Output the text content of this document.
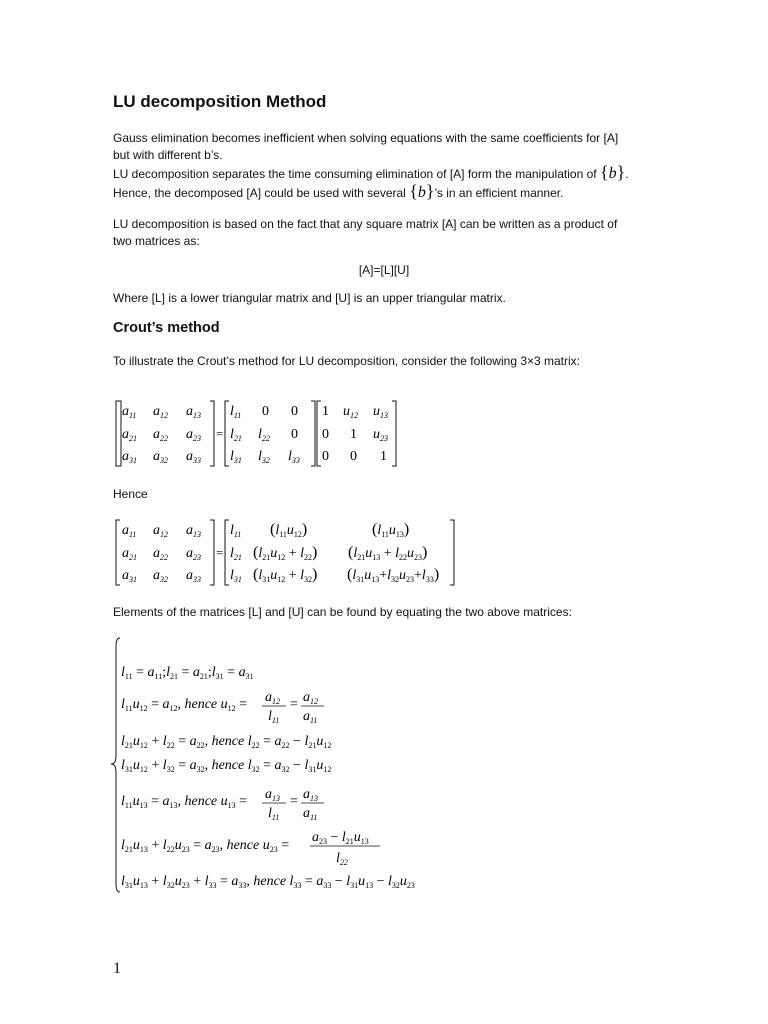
LU decomposition Method
Gauss elimination becomes inefficient when solving equations with the same coefficients for [A]
but with different b’s.
LU decomposition separates the time consuming elimination of [A] form the manipulation of {b}.
Hence, the decomposed [A] could be used with several {b}’s in an efficient manner.
LU decomposition is based on the fact that any square matrix [A] can be written as a product of
two matrices as:
[A]=[L][U]
Where [L] is a lower triangular matrix and [U] is an upper triangular matrix.
Crout’s method
To illustrate the Crout’s method for LU decomposition, consider the following 3×3 matrix:
$a_{11}$ $a_{12}$ $a_{13}$
$a_{21}$ $a_{22}$ $a_{23}$
$a_{31}$ $a_{32}$ $a_{33}$
=
$l_{11}$ 0 0
$l_{21}$ $l_{22}$ 0
$l_{31}$ $l_{32}$ $l_{33}$
1 $u_{12}$ $u_{13}$
0 1 $u_{23}$
0 0 1
Hence
$a_{11}$ $a_{12}$ $a_{13}$
$a_{21}$ $a_{22}$ $a_{23}$
$a_{31}$ $a_{32}$ $a_{33}$
=
$l_{11}$
$l_{21}$
$l_{31}$
$(l_{11}u_{12})$
$(l_{21}u_{12} + l_{22})$
$(l_{31}u_{12} + l_{32})$
$(l_{11}u_{13})$
$(l_{21}u_{13} + l_{22}u_{23})$
$(l_{31}u_{13}+l_{32}u_{23}+l_{33})$
Elements of the matrices [L] and [U] can be found by equating the two above matrices:
$l_{11}$ = $a_{11};l_{21}$ = $a_{21};l_{31} = a_{31}$
$l_{11}u_{12} = a_{12}$, hence $u_{12} = a_{12}$
$l_{11}$
= $a_{12}$
$a_{11}$
$l_{21}u_{12} + l_{22} = a_{22}$, hence $l_{22} = a_{22} - l_{21}u_{12}$
$l_{31}u_{12} + l_{32} = a_{32}$, hence $l_{32} = a_{32} - l_{31}u_{12}$
$l_{11}u_{13} = a_{13}$, hence $u_{13} = a_{13}$
$l_{11}$
= $a_{13}$
$a_{11}$
$l_{21}u_{13} + l_{22}u_{23} = a_{23}$, hence $u_{23}$ =
$a_{23} - l_{21}u_{13}$
$l_{22}$
$l_{31}u_{13} + l_{32}u_{23} + l_{33} = a_{33}$, hence $l_{33} = a_{33} - l_{31}u_{13} - l_{32}u_{23}$
1
